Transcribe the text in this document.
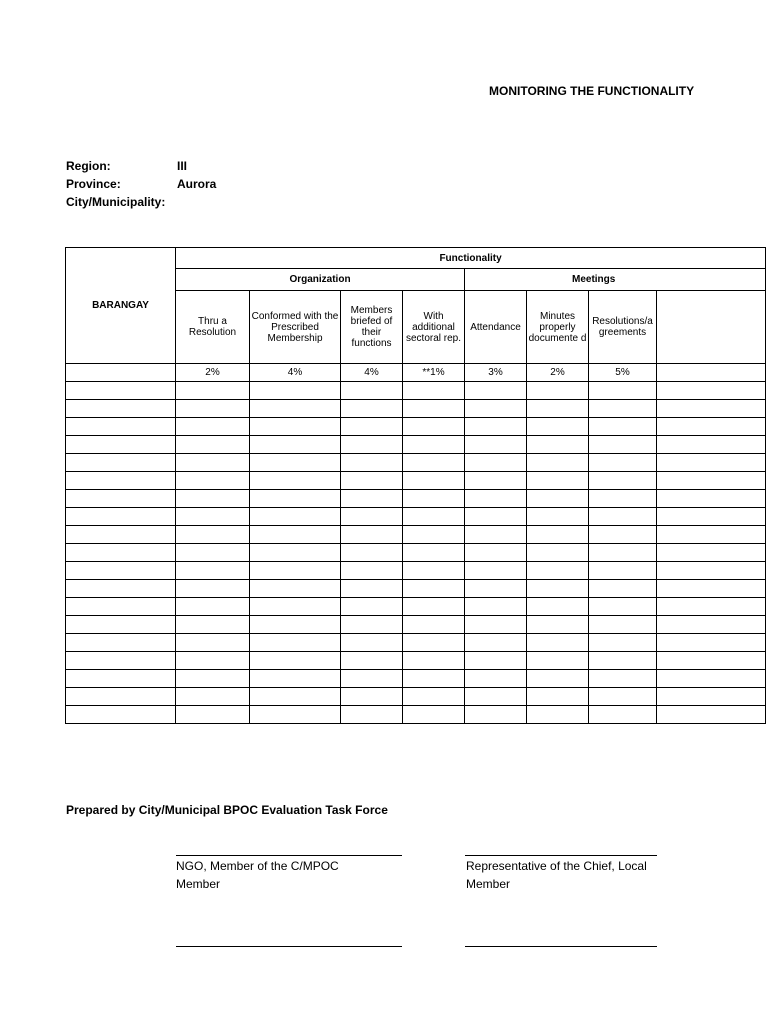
MONITORING THE FUNCTIONALITY
Region:	III
Province:	Aurora
City/Municipality:
BARANGAY	Functionality							
	Organization				Meetings			
	Thru a Resolution	Conformed with the Prescribed Membership	Members briefed of their functions	With additional sectoral rep.	Attendance	Minutes properly documente d	Resolutions/a greements	
	2%	4%	4%	**1%	3%	2%	5%	

Prepared by City/Municipal BPOC Evaluation Task Force
NGO, Member of the C/MPOC
Member
Representative of the Chief, Local
Member
